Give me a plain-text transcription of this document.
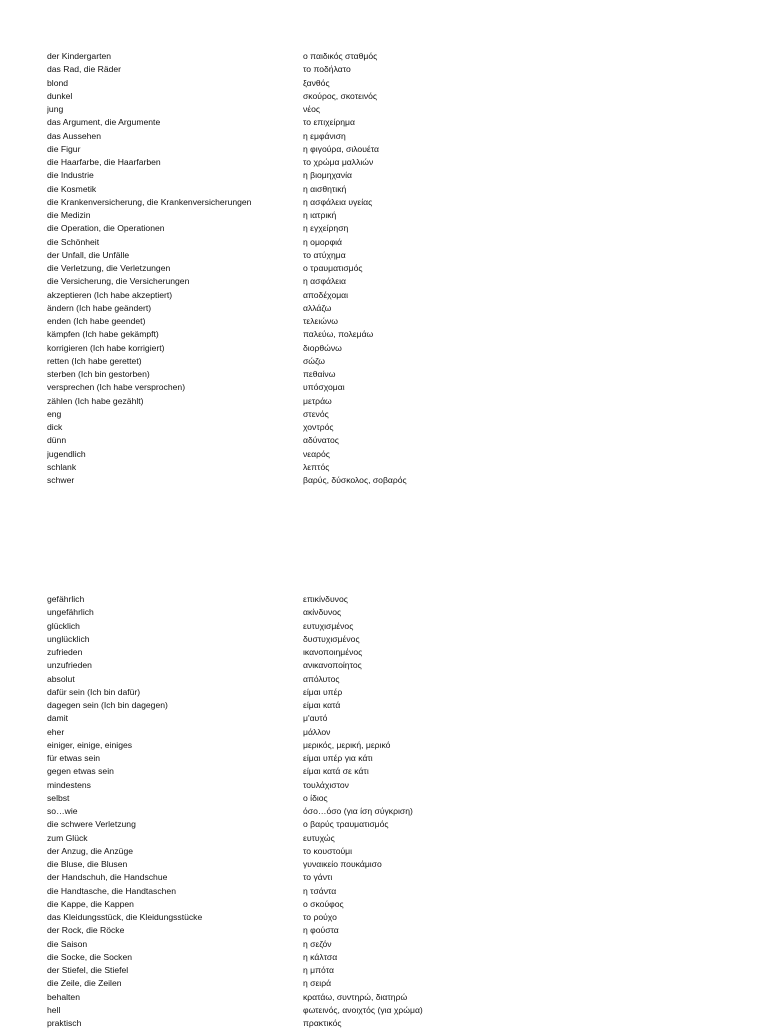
der Kindergarten	ο παιδικός σταθμός
das Rad, die Räder	το ποδήλατο
blond	ξανθός
dunkel	σκούρος, σκοτεινός
jung	νέος
das Argument, die Argumente	το επιχείρημα
das Aussehen	η εμφάνιση
die Figur	η φιγούρα, σιλουέτα
die Haarfarbe, die Haarfarben	το χρώμα μαλλιών
die Industrie	η βιομηχανία
die Kosmetik	η αισθητική
die Krankenversicherung, die Krankenversicherungen	η ασφάλεια υγείας
die Medizin	η ιατρική
die Operation, die Operationen	η εγχείρηση
die Schönheit	η ομορφιά
der Unfall, die Unfälle	το ατύχημα
die Verletzung, die Verletzungen	ο τραυματισμός
die Versicherung, die Versicherungen	η ασφάλεια
akzeptieren (Ich habe akzeptiert)	αποδέχομαι
ändern (Ich habe geändert)	αλλάζω
enden (Ich habe geendet)	τελειώνω
kämpfen (Ich habe gekämpft)	παλεύω, πολεμάω
korrigieren (Ich habe korrigiert)	διορθώνω
retten (Ich habe gerettet)	σώζω
sterben (Ich bin gestorben)	πεθαίνω
versprechen (Ich habe versprochen)	υπόσχομαι
zählen (Ich habe gezählt)	μετράω
eng	στενός
dick	χοντρός
dünn	αδύνατος
jugendlich	νεαρός
schlank	λεπτός
schwer	βαρύς, δύσκολος, σοβαρός
gefährlich	επικίνδυνος
ungefährlich	ακίνδυνος
glücklich	ευτυχισμένος
unglücklich	δυστυχισμένος
zufrieden	ικανοποιημένος
unzufrieden	ανικανοποίητος
absolut	απόλυτος
dafür sein (Ich bin dafür)	είμαι υπέρ
dagegen sein (Ich bin dagegen)	είμαι κατά
damit	μ'αυτό
eher	μάλλον
einiger, einige, einiges	μερικός, μερική, μερικό
für etwas sein	είμαι υπέρ για κάτι
gegen etwas sein	είμαι κατά σε κάτι
mindestens	τουλάχιστον
selbst	ο ίδιος
so…wie	όσο…όσο (για ίση σύγκριση)
die schwere Verletzung	ο βαρύς τραυματισμός
zum Glück	ευτυχώς
der Anzug, die Anzüge	το κουστούμι
die Bluse, die Blusen	γυναικείο πουκάμισο
der Handschuh, die Handschue	το γάντι
die Handtasche, die Handtaschen	η τσάντα
die Kappe, die Kappen	ο σκούφος
das Kleidungsstück, die Kleidungsstücke	το ρούχο
der Rock, die Röcke	η φούστα
die Saison	η σεζόν
die Socke, die Socken	η κάλτσα
der Stiefel, die Stiefel	η μπότα
die Zeile, die Zeilen	η σειρά
behalten	κρατάω, συντηρώ, διατηρώ
hell	φωτεινός, ανοιχτός (για χρώμα)
praktisch	πρακτικός
